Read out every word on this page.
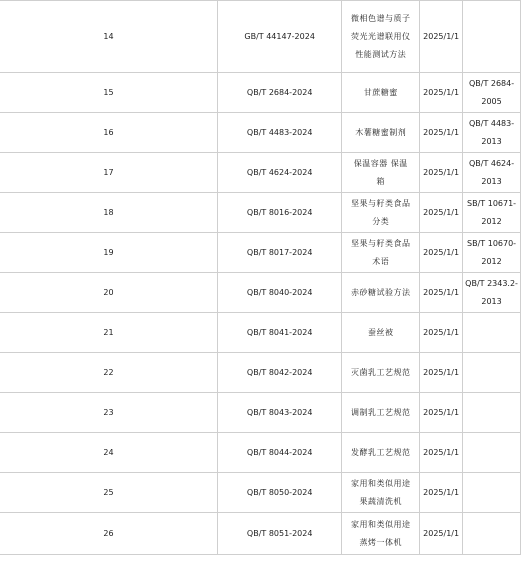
14	GB/T 44147-2024	微相色谱与质子荧光光谱联用仪性能测试方法	2025/1/1	

15	QB/T 2684-2024	甘蔗糖蜜	2025/1/1	QB/T 2684-2005

16	QB/T 4483-2024	木薯糖蜜制剂	2025/1/1	QB/T 4483-2013

17	QB/T 4624-2024	保温容器 保温箱	2025/1/1	QB/T 4624-2013

18	QB/T 8016-2024	坚果与籽类食品 分类	2025/1/1	SB/T 10671-2012

19	QB/T 8017-2024	坚果与籽类食品 术语	2025/1/1	SB/T 10670-2012

20	QB/T 8040-2024	赤砂糖试验方法	2025/1/1	QB/T 2343.2-2013

21	QB/T 8041-2024	蚕丝被	2025/1/1	

22	QB/T 8042-2024	灭菌乳工艺规范	2025/1/1	

23	QB/T 8043-2024	调制乳工艺规范	2025/1/1	

24	QB/T 8044-2024	发酵乳工艺规范	2025/1/1	

25	QB/T 8050-2024	家用和类似用途果蔬清洗机	2025/1/1	

26	QB/T 8051-2024	家用和类似用途蒸烤一体机	2025/1/1	
